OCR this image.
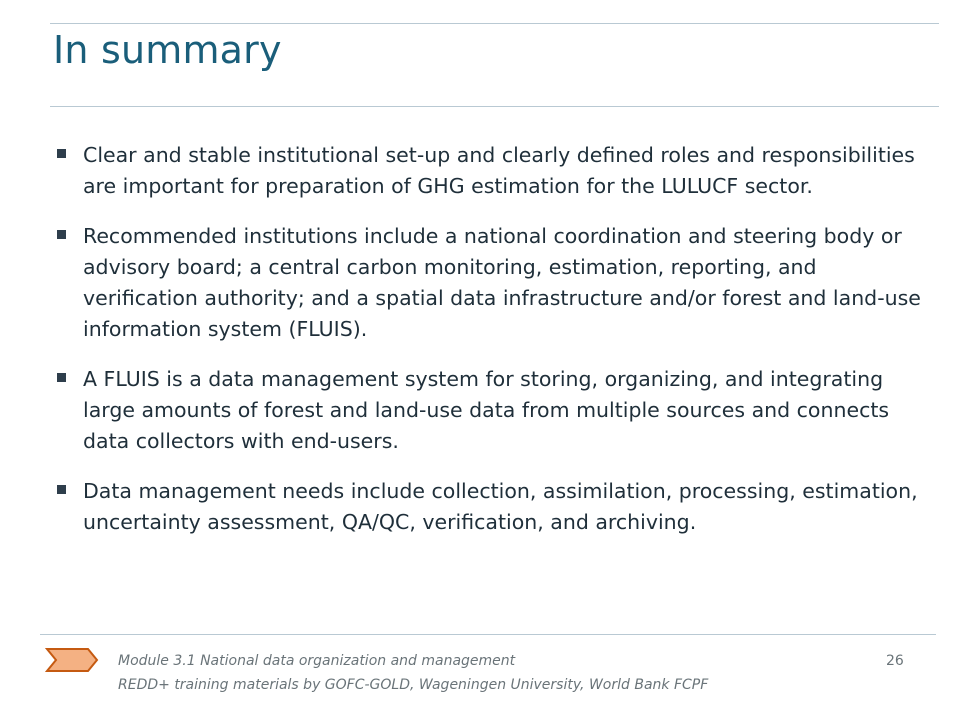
In summary
Clear and stable institutional set-up and clearly defined roles and responsibilities are important for preparation of GHG estimation for the LULUCF sector.
Recommended institutions include a national coordination and steering body or advisory board; a central carbon monitoring, estimation, reporting, and verification authority; and a spatial data infrastructure and/or forest and land-use information system (FLUIS).
A FLUIS is a data management system for storing, organizing, and integrating large amounts of forest and land-use data from multiple sources and connects data collectors with end-users.
Data management needs include collection, assimilation, processing, estimation, uncertainty assessment, QA/QC, verification, and archiving.
Module 3.1 National data organization and management
REDD+ training materials by GOFC-GOLD, Wageningen University, World Bank FCPF
26
